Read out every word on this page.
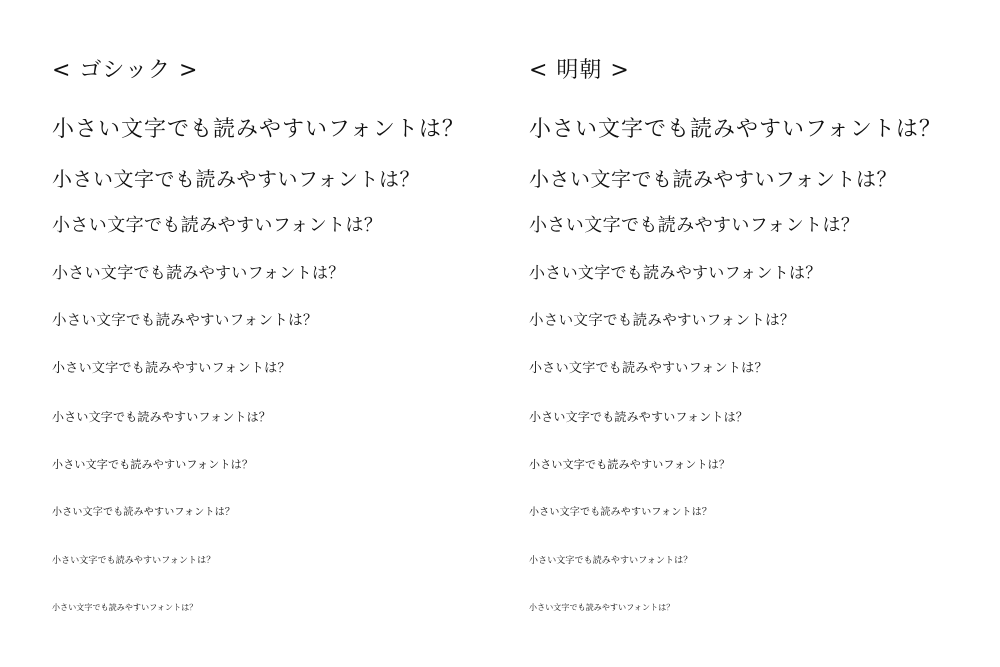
< ゴシック >
小さい文字でも読みやすいフォントは？
小さい文字でも読みやすいフォントは？
小さい文字でも読みやすいフォントは？
小さい文字でも読みやすいフォントは？
小さい文字でも読みやすいフォントは？
小さい文字でも読みやすいフォントは？
小さい文字でも読みやすいフォントは？
小さい文字でも読みやすいフォントは？
小さい文字でも読みやすいフォントは？
小さい文字でも読みやすいフォントは？
小さい文字でも読みやすいフォントは？
< 明朝 >
小さい文字でも読みやすいフォントは？
小さい文字でも読みやすいフォントは？
小さい文字でも読みやすいフォントは？
小さい文字でも読みやすいフォントは？
小さい文字でも読みやすいフォントは？
小さい文字でも読みやすいフォントは？
小さい文字でも読みやすいフォントは？
小さい文字でも読みやすいフォントは？
小さい文字でも読みやすいフォントは？
小さい文字でも読みやすいフォントは？
小さい文字でも読みやすいフォントは？
